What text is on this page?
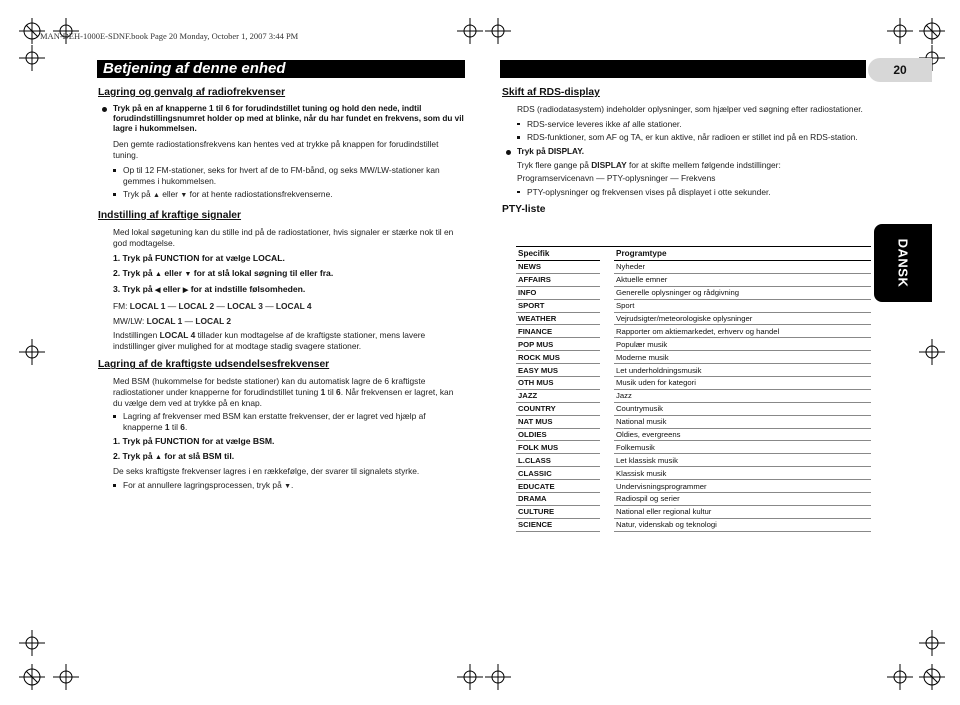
MAN-DEH-1000E-SDNF.book Page 20 Monday, October 1, 2007 3:44 PM
Betjening af denne enhed	20
DANSK
Lagring og genvalg af radiofrekvenser
Tryk på en af knapperne 1 til 6 for forudindstillet tuning og hold den nede, indtil forudindstillingsnumret holder op med at blinke, når du har fundet en frekvens, som du vil lagre i hukommelsen.
Den gemte radiostationsfrekvens kan hentes ved at trykke på knappen for forudindstillet tuning.
Op til 12 FM-stationer, seks for hvert af de to FM-bånd, og seks MW/LW-stationer kan gemmes i hukommelsen.
Tryk på ▲ eller ▼ for at hente radiostationsfrekvenserne.
Indstilling af kraftige signaler
Med lokal søgetuning kan du stille ind på de radiostationer, hvis signaler er stærke nok til en god modtagelse.
1. Tryk på FUNCTION for at vælge LOCAL.
2. Tryk på ▲ eller ▼ for at slå lokal søgning til eller fra.
3. Tryk på ◀ eller ▶ for at indstille følsomheden.
FM: LOCAL 1 — LOCAL 2 — LOCAL 3 — LOCAL 4
MW/LW: LOCAL 1 — LOCAL 2
Indstillingen LOCAL 4 tillader kun modtagelse af de kraftigste stationer, mens lavere indstillinger giver mulighed for at modtage stadig svagere stationer.
Lagring af de kraftigste udsendelsesfrekvenser
Med BSM (hukommelse for bedste stationer) kan du automatisk lagre de 6 kraftigste radiostationer under knapperne for forudindstillet tuning 1 til 6. Når frekvensen er lagret, kan du vælge dem ved at trykke på en knap.
Lagring af frekvenser med BSM kan erstatte frekvenser, der er lagret ved hjælp af knapperne 1 til 6.
1. Tryk på FUNCTION for at vælge BSM.
2. Tryk på ▲ for at slå BSM til.
De seks kraftigste frekvenser lagres i en rækkefølge, der svarer til signalets styrke.
For at annullere lagringsprocessen, tryk på ▼.
Skift af RDS-display
RDS (radiodatasystem) indeholder oplysninger, som hjælper ved søgning efter radiostationer.
RDS-service leveres ikke af alle stationer.
RDS-funktioner, som AF og TA, er kun aktive, når radioen er stillet ind på en RDS-station.
Tryk på DISPLAY.
Tryk flere gange på DISPLAY for at skifte mellem følgende indstillinger:
Programservicenavn — PTY-oplysninger — Frekvens
PTY-oplysninger og frekvensen vises på displayet i otte sekunder.
PTY-liste
Specifik		Programtype
NEWS		Nyheder
AFFAIRS		Aktuelle emner
INFO		Generelle oplysninger og rådgivning
SPORT		Sport
WEATHER		Vejrudsigter/meteorologiske oplysninger
FINANCE		Rapporter om aktiemarkedet, erhverv og handel
POP MUS		Populær musik
ROCK MUS		Moderne musik
EASY MUS		Let underholdningsmusik
OTH MUS		Musik uden for kategori
JAZZ		Jazz
COUNTRY		Countrymusik
NAT MUS		National musik
OLDIES		Oldies, evergreens
FOLK MUS		Folkemusik
L.CLASS		Let klassisk musik
CLASSIC		Klassisk musik
EDUCATE		Undervisningsprogrammer
DRAMA		Radiospil og serier
CULTURE		National eller regional kultur
SCIENCE		Natur, videnskab og teknologi
